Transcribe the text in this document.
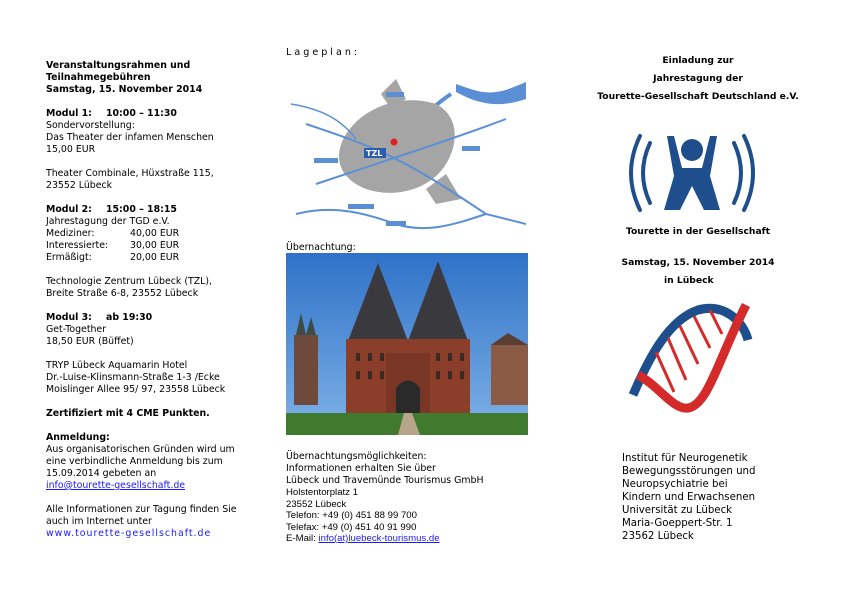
Veranstaltungsrahmen und
Teilnahmegebühren
Samstag, 15. November 2014
Modul 1:	10:00 – 11:30
Sondervorstellung:
Das Theater der infamen Menschen
15,00 EUR
Theater Combinale, Hüxstraße 115,
23552 Lübeck
Modul 2:	15:00 – 18:15
Jahrestagung der TGD e.V.
Mediziner:	40,00 EUR
Interessierte:	30,00 EUR
Ermäßigt:	20,00 EUR
Technologie Zentrum Lübeck (TZL),
Breite Straße 6-8, 23552 Lübeck
Modul 3:	ab 19:30
Get-Together
18,50 EUR (Büffet)
TRYP Lübeck Aquamarin Hotel
Dr.-Luise-Klinsmann-Straße 1-3 /Ecke
Moislinger Allee 95/ 97, 23558 Lübeck
Zertifiziert mit 4 CME Punkten.
Anmeldung:
Aus organisatorischen Gründen wird um
eine verbindliche Anmeldung bis zum
15.09.2014 gebeten an
info@tourette-gesellschaft.de
Alle Informationen zur Tagung finden Sie
auch im Internet unter
www.tourette-gesellschaft.de
Lageplan:
TZL
Übernachtung:
Übernachtungsmöglichkeiten:
Informationen erhalten Sie über
Lübeck und Travemünde Tourismus GmbH
Holstentorplatz 1
23552 Lübeck
Telefon: +49 (0) 451 88 99 700
Telefax: +49 (0) 451 40 91 990
E-Mail: info(at)luebeck-tourismus.de
Einladung zur
Jahrestagung der
Tourette-Gesellschaft Deutschland e.V.
Tourette in der Gesellschaft
Samstag, 15. November 2014
in Lübeck
Institut für Neurogenetik
Bewegungsstörungen und
Neuropsychiatrie bei
Kindern und Erwachsenen
Universität zu Lübeck
Maria-Goeppert-Str. 1
23562 Lübeck
